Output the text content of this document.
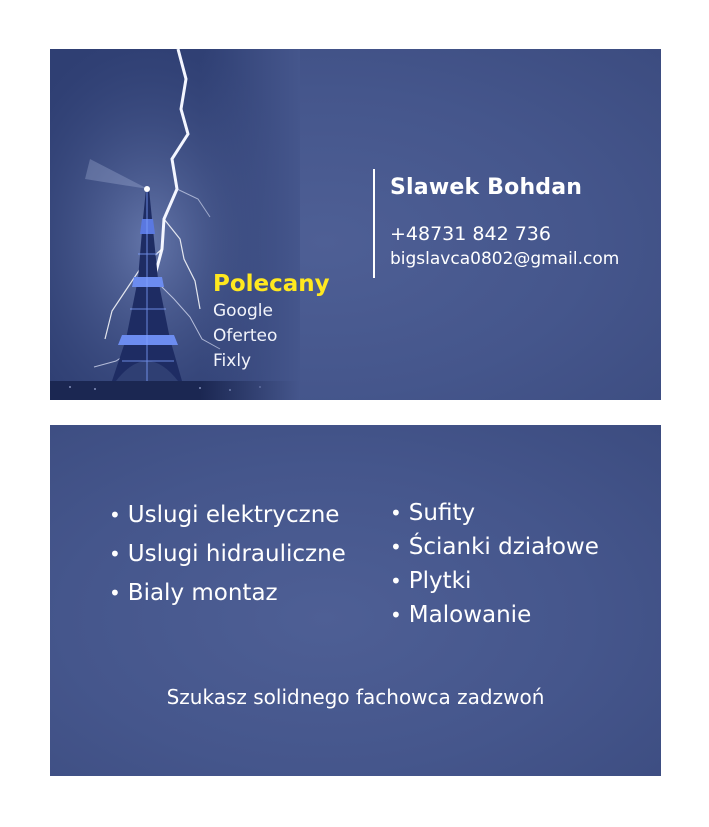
Polecany
Google
Oferteo
Fixly
Slawek Bohdan
+48731 842 736
bigslavca0802@gmail.com
• Uslugi elektryczne
• Uslugi hidrauliczne
• Bialy montaz
• Sufity
• Ścianki działowe
• Plytki
• Malowanie
Szukasz solidnego fachowca zadzwoń
